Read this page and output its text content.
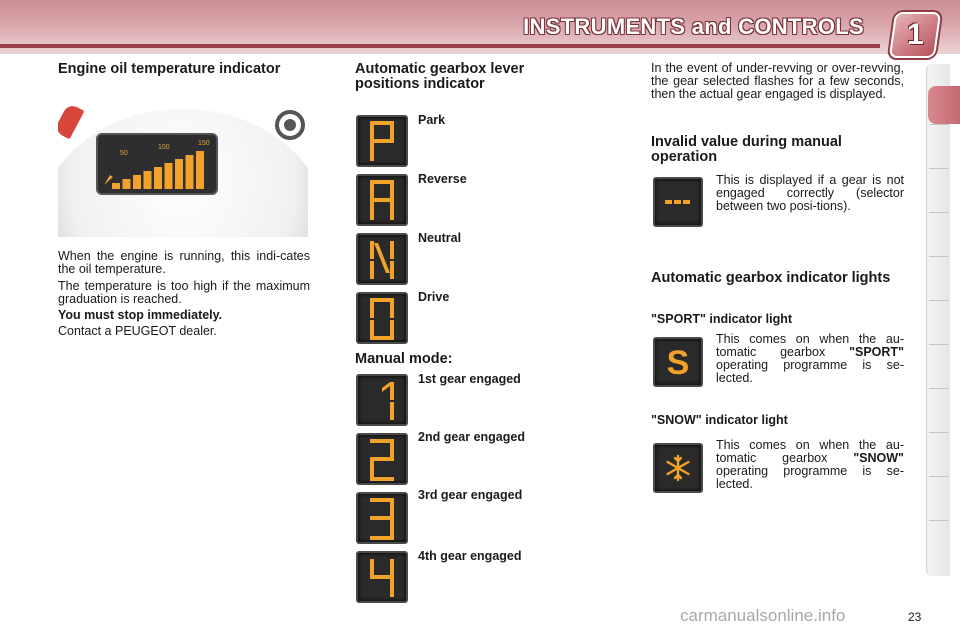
INSTRUMENTS and CONTROLS 1
Engine oil temperature indicator
50
100
150
When the engine is running, this indi-cates the oil temperature.
The temperature is too high if the maximum graduation is reached.
You must stop immediately.
Contact a PEUGEOT dealer.
Automatic gearbox lever positions indicator
Park
Reverse
Neutral
Drive
Manual mode:
1st gear engaged
2nd gear engaged
3rd gear engaged
4th gear engaged
In the event of under-revving or over-revving, the gear selected flashes for a few seconds, then the actual gear engaged is displayed.
Invalid value during manual operation
This is displayed if a gear is not engaged correctly (selector between two posi-tions).
Automatic gearbox indicator lights
"SPORT" indicator light
S
This comes on when the au-tomatic gearbox "SPORT" operating programme is se-lected.
"SNOW" indicator light
This comes on when the au-tomatic gearbox "SNOW" operating programme is se-lected.
23
carmanualsonline.info
